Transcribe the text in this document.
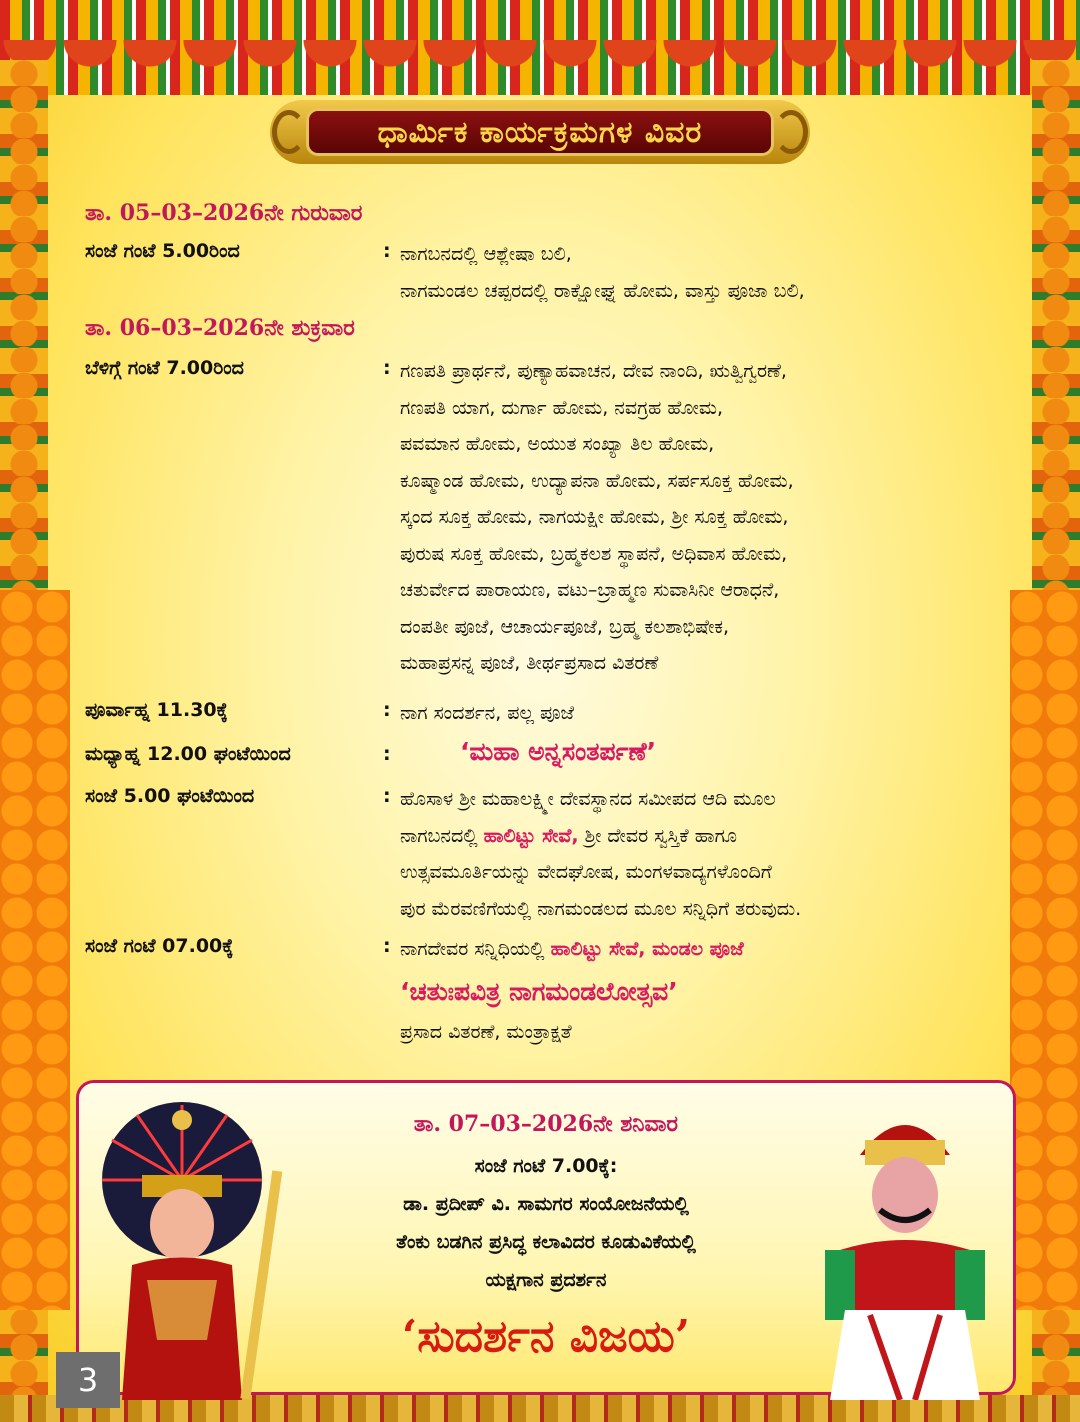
ಧಾರ್ಮಿಕ ಕಾರ್ಯಕ್ರಮಗಳ ವಿವರ
ತಾ. 05–03–2026ನೇ ಗುರುವಾರ
ಸಂಜೆ ಗಂಟೆ 5.00ರಿಂದ	: ನಾಗಬನದಲ್ಲಿ ಆಶ್ಲೇಷಾ ಬಲಿ,
ನಾಗಮಂಡಲ ಚಪ್ಪರದಲ್ಲಿ ರಾಕ್ಷೋಘ್ನ ಹೋಮ, ವಾಸ್ತು ಪೂಜಾ ಬಲಿ,
ತಾ. 06–03–2026ನೇ ಶುಕ್ರವಾರ
ಬೆಳಿಗ್ಗೆ ಗಂಟೆ 7.00ರಿಂದ	: ಗಣಪತಿ ಪ್ರಾರ್ಥನೆ, ಪುಣ್ಯಾಹವಾಚನ, ದೇವ ನಾಂದಿ, ಋತ್ವಿಗ್ವರಣೆ,
ಗಣಪತಿ ಯಾಗ, ದುರ್ಗಾ ಹೋಮ, ನವಗ್ರಹ ಹೋಮ,
ಪವಮಾನ ಹೋಮ, ಅಯುತ ಸಂಖ್ಯಾ ತಿಲ ಹೋಮ,
ಕೂಷ್ಮಾಂಡ ಹೋಮ, ಉದ್ಯಾಪನಾ ಹೋಮ, ಸರ್ಪಸೂಕ್ತ ಹೋಮ,
ಸ್ಕಂದ ಸೂಕ್ತ ಹೋಮ, ನಾಗಯಕ್ಷೀ ಹೋಮ, ಶ್ರೀ ಸೂಕ್ತ ಹೋಮ,
ಪುರುಷ ಸೂಕ್ತ ಹೋಮ, ಬ್ರಹ್ಮಕಲಶ ಸ್ಥಾಪನೆ, ಅಧಿವಾಸ ಹೋಮ,
ಚತುರ್ವೇದ ಪಾರಾಯಣ, ವಟು–ಬ್ರಾಹ್ಮಣ ಸುವಾಸಿನೀ ಆರಾಧನೆ,
ದಂಪತೀ ಪೂಜೆ, ಆಚಾರ್ಯಪೂಜೆ, ಬ್ರಹ್ಮ ಕಲಶಾಭಿಷೇಕ,
ಮಹಾಪ್ರಸನ್ನ ಪೂಜೆ, ತೀರ್ಥಪ್ರಸಾದ ವಿತರಣೆ
ಪೂರ್ವಾಹ್ನ 11.30ಕ್ಕೆ	: ನಾಗ ಸಂದರ್ಶನ, ಪಲ್ಲ ಪೂಜೆ
ಮಧ್ಯಾಹ್ನ 12.00 ಘಂಟೆಯಿಂದ	:	‘ಮಹಾ ಅನ್ನಸಂತರ್ಪಣೆ’
ಸಂಜೆ 5.00 ಘಂಟೆಯಿಂದ	: ಹೊಸಾಳ ಶ್ರೀ ಮಹಾಲಕ್ಷ್ಮೀ ದೇವಸ್ಥಾನದ ಸಮೀಪದ ಆದಿ ಮೂಲ
ನಾಗಬನದಲ್ಲಿ ಹಾಲಿಟ್ಟು ಸೇವೆ, ಶ್ರೀ ದೇವರ ಸ್ವಸ್ತಿಕೆ ಹಾಗೂ
ಉತ್ಸವಮೂರ್ತಿಯನ್ನು ವೇದಘೋಷ, ಮಂಗಳವಾದ್ಯಗಳೊಂದಿಗೆ
ಪುರ ಮೆರವಣಿಗೆಯಲ್ಲಿ ನಾಗಮಂಡಲದ ಮೂಲ ಸನ್ನಿಧಿಗೆ ತರುವುದು.
ಸಂಜೆ ಗಂಟೆ 07.00ಕ್ಕೆ	: ನಾಗದೇವರ ಸನ್ನಿಧಿಯಲ್ಲಿ ಹಾಲಿಟ್ಟು ಸೇವೆ, ಮಂಡಲ ಪೂಜೆ
‘ಚತುಃಪವಿತ್ರ ನಾಗಮಂಡಲೋತ್ಸವ’
ಪ್ರಸಾದ ವಿತರಣೆ, ಮಂತ್ರಾಕ್ಷತೆ
ತಾ. 07–03–2026ನೇ ಶನಿವಾರ
ಸಂಜೆ ಗಂಟೆ 7.00ಕ್ಕೆ:
ಡಾ. ಪ್ರದೀಪ್ ವಿ. ಸಾಮಗರ ಸಂಯೋಜನೆಯಲ್ಲಿ
ತೆಂಕು ಬಡಗಿನ ಪ್ರಸಿದ್ಧ ಕಲಾವಿದರ ಕೂಡುವಿಕೆಯಲ್ಲಿ
ಯಕ್ಷಗಾನ ಪ್ರದರ್ಶನ
‘ಸುದರ್ಶನ ವಿಜಯ’
3
